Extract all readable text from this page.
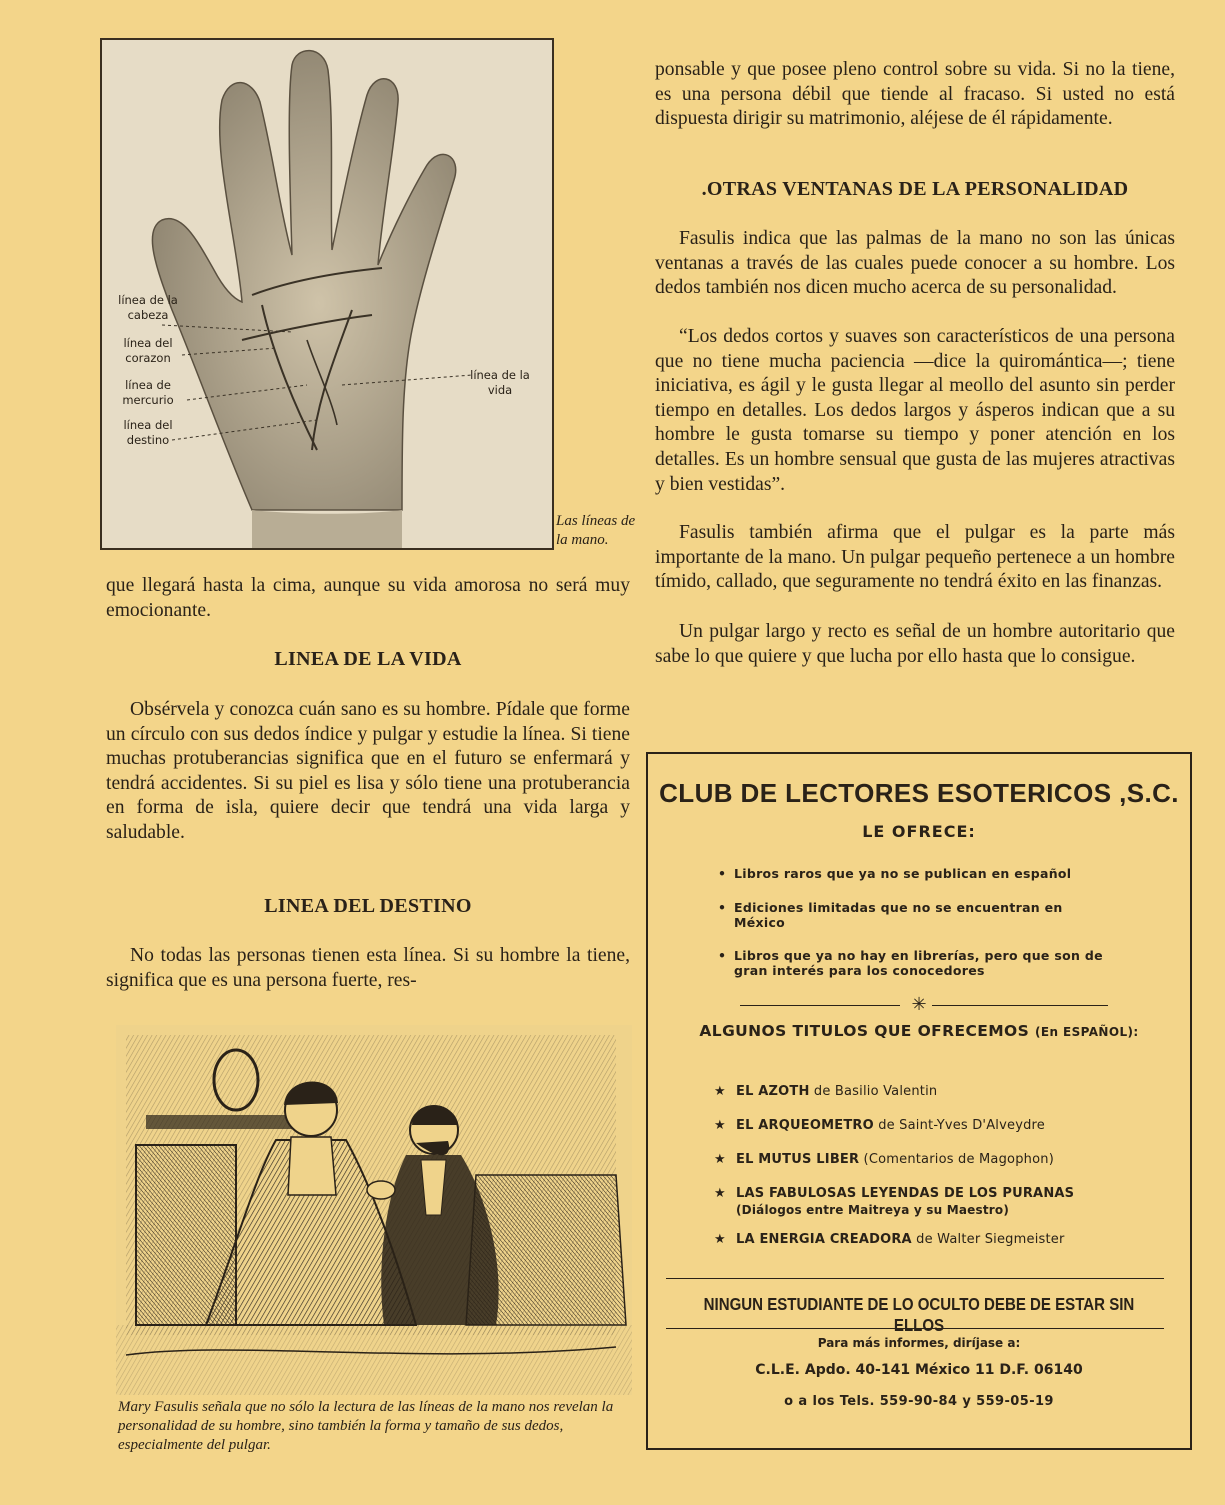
línea de la cabeza
línea del corazon
línea de mercurio
línea del destino
línea de la vida
Las líneas de la mano.

que llegará hasta la cima, aunque su vida amorosa no será muy emocionante.

LINEA DE LA VIDA

Obsérvela y conozca cuán sano es su hombre. Pídale que forme un círculo con sus dedos índice y pulgar y estudie la línea. Si tiene muchas protuberancias significa que en el futuro se enfermará y tendrá accidentes. Si su piel es lisa y sólo tiene una protuberancia en forma de isla, quiere decir que tendrá una vida larga y saludable.

LINEA DEL DESTINO

No todas las personas tienen esta línea. Si su hombre la tiene, significa que es una persona fuerte, res-

Mary Fasulis señala que no sólo la lectura de las líneas de la mano nos revelan la personalidad de su hombre, sino también la forma y tamaño de sus dedos, especialmente del pulgar.

ponsable y que posee pleno control sobre su vida. Si no la tiene, es una persona débil que tiende al fracaso. Si usted no está dispuesta dirigir su matrimonio, aléjese de él rápidamente.

.OTRAS VENTANAS DE LA PERSONALIDAD

Fasulis indica que las palmas de la mano no son las únicas ventanas a través de las cuales puede conocer a su hombre. Los dedos también nos dicen mucho acerca de su personalidad.

“Los dedos cortos y suaves son característicos de una persona que no tiene mucha paciencia —dice la quiromántica—; tiene iniciativa, es ágil y le gusta llegar al meollo del asunto sin perder tiempo en detalles. Los dedos largos y ásperos indican que a su hombre le gusta tomarse su tiempo y poner atención en los detalles. Es un hombre sensual que gusta de las mujeres atractivas y bien vestidas”.

Fasulis también afirma que el pulgar es la parte más importante de la mano. Un pulgar pequeño pertenece a un hombre tímido, callado, que seguramente no tendrá éxito en las finanzas.

Un pulgar largo y recto es señal de un hombre autoritario que sabe lo que quiere y que lucha por ello hasta que lo consigue.

CLUB DE LECTORES ESOTERICOS ,S.C.
LE OFRECE:
• Libros raros que ya no se publican en español
• Ediciones limitadas que no se encuentran en México
• Libros que ya no hay en librerías, pero que son de gran interés para los conocedores
✳
ALGUNOS TITULOS QUE OFRECEMOS (En ESPAÑOL):
★ EL AZOTH de Basilio Valentin
★ EL ARQUEOMETRO de Saint-Yves D'Alveydre
★ EL MUTUS LIBER (Comentarios de Magophon)
★ LAS FABULOSAS LEYENDAS DE LOS PURANAS
(Diálogos entre Maitreya y su Maestro)
★ LA ENERGIA CREADORA de Walter Siegmeister
NINGUN ESTUDIANTE DE LO OCULTO DEBE DE ESTAR SIN ELLOS
Para más informes, diríjase a:
C.L.E. Apdo. 40-141 México 11 D.F. 06140
o a los Tels. 559-90-84 y 559-05-19
